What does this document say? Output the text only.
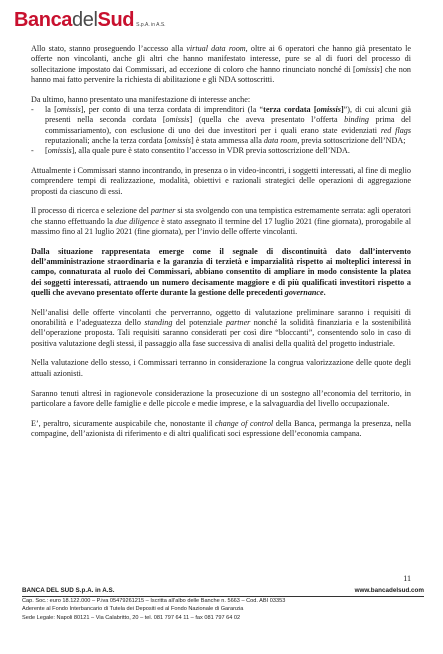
Banca del Sud S.p.A. in A.S.

Allo stato, stanno proseguendo l’accesso alla virtual data room, oltre ai 6 operatori che hanno già presentato le offerte non vincolanti, anche gli altri che hanno manifestato interesse, pure se al di fuori del processo di sollecitazione impostato dai Commissari, ad eccezione di coloro che hanno rinunciato nonché di [omissis] che non hanno mai fatto pervenire la richiesta di abilitazione e gli NDA sottoscritti.

Da ultimo, hanno presentato una manifestazione di interesse anche:

- la [omissis], per conto di una terza cordata di imprenditori (la “terza cordata [omissis]”), di cui alcuni già presenti nella seconda cordata [omissis] (quella che aveva presentato l’offerta binding prima del commissariamento), con esclusione di uno dei due investitori per i quali erano state evidenziati red flags reputazionali; anche la terza cordata [omissis] è stata ammessa alla data room, previa sottoscrizione dell’NDA;
- [omissis], alla quale pure è stato consentito l’accesso in VDR previa sottoscrizione dell’NDA.

Attualmente i Commissari stanno incontrando, in presenza o in video-incontri, i soggetti interessati, al fine di meglio comprendere tempi di realizzazione, modalità, obiettivi e razionali strategici delle operazioni di aggregazione proposti da ciascuno di essi.

Il processo di ricerca e selezione del partner si sta svolgendo con una tempistica estremamente serrata: agli operatori che stanno effettuando la due diligence è stato assegnato il termine del 17 luglio 2021 (fine giornata), prorogabile al massimo fino al 21 luglio 2021 (fine giornata), per l’invio delle offerte vincolanti.

Dalla situazione rappresentata emerge come il segnale di discontinuità dato dall’intervento dell’amministrazione straordinaria e la garanzia di terzietà e imparzialità rispetto ai molteplici interessi in campo, connaturata al ruolo dei Commissari, abbiano consentito di ampliare in modo consistente la platea dei soggetti interessati, attraendo un numero decisamente maggiore e di più qualificati investitori rispetto a quelli che avevano presentato offerte durante la gestione delle precedenti governance.

Nell’analisi delle offerte vincolanti che perverranno, oggetto di valutazione preliminare saranno i requisiti di onorabilità e l’adeguatezza dello standing del potenziale partner nonché la solidità finanziaria e la sostenibilità dell’operazione proposta. Tali requisiti saranno considerati per così dire “bloccanti”, consentendo solo in caso di positiva valutazione degli stessi, il passaggio alla fase successiva di analisi della qualità del progetto industriale.

Nella valutazione dello stesso, i Commissari terranno in considerazione la congrua valorizzazione delle quote degli attuali azionisti.

Saranno tenuti altresì in ragionevole considerazione la prosecuzione di un sostegno all’economia del territorio, in particolare a favore delle famiglie e delle piccole e medie imprese, e la salvaguardia del livello occupazionale.

E’, peraltro, sicuramente auspicabile che, nonostante il change of control della Banca, permanga la presenza, nella compagine, dell’azionista di riferimento e di altri qualificati soci espressione dell’economia campana.

11
BANCA DEL SUD S.p.A. in A.S.	www.bancadelsud.com
Cap. Soc.: euro 18.122.000 – P.iva 05479261215 – Iscritta all’albo delle Banche n. 5663 – Cod. ABI 03353
Aderente al Fondo Interbancario di Tutela dei Depositi ed al Fondo Nazionale di Garanzia
Sede Legale: Napoli 80121 – Via Calabritto, 20 – tel. 081 797 64 11 – fax 081 797 64 02
